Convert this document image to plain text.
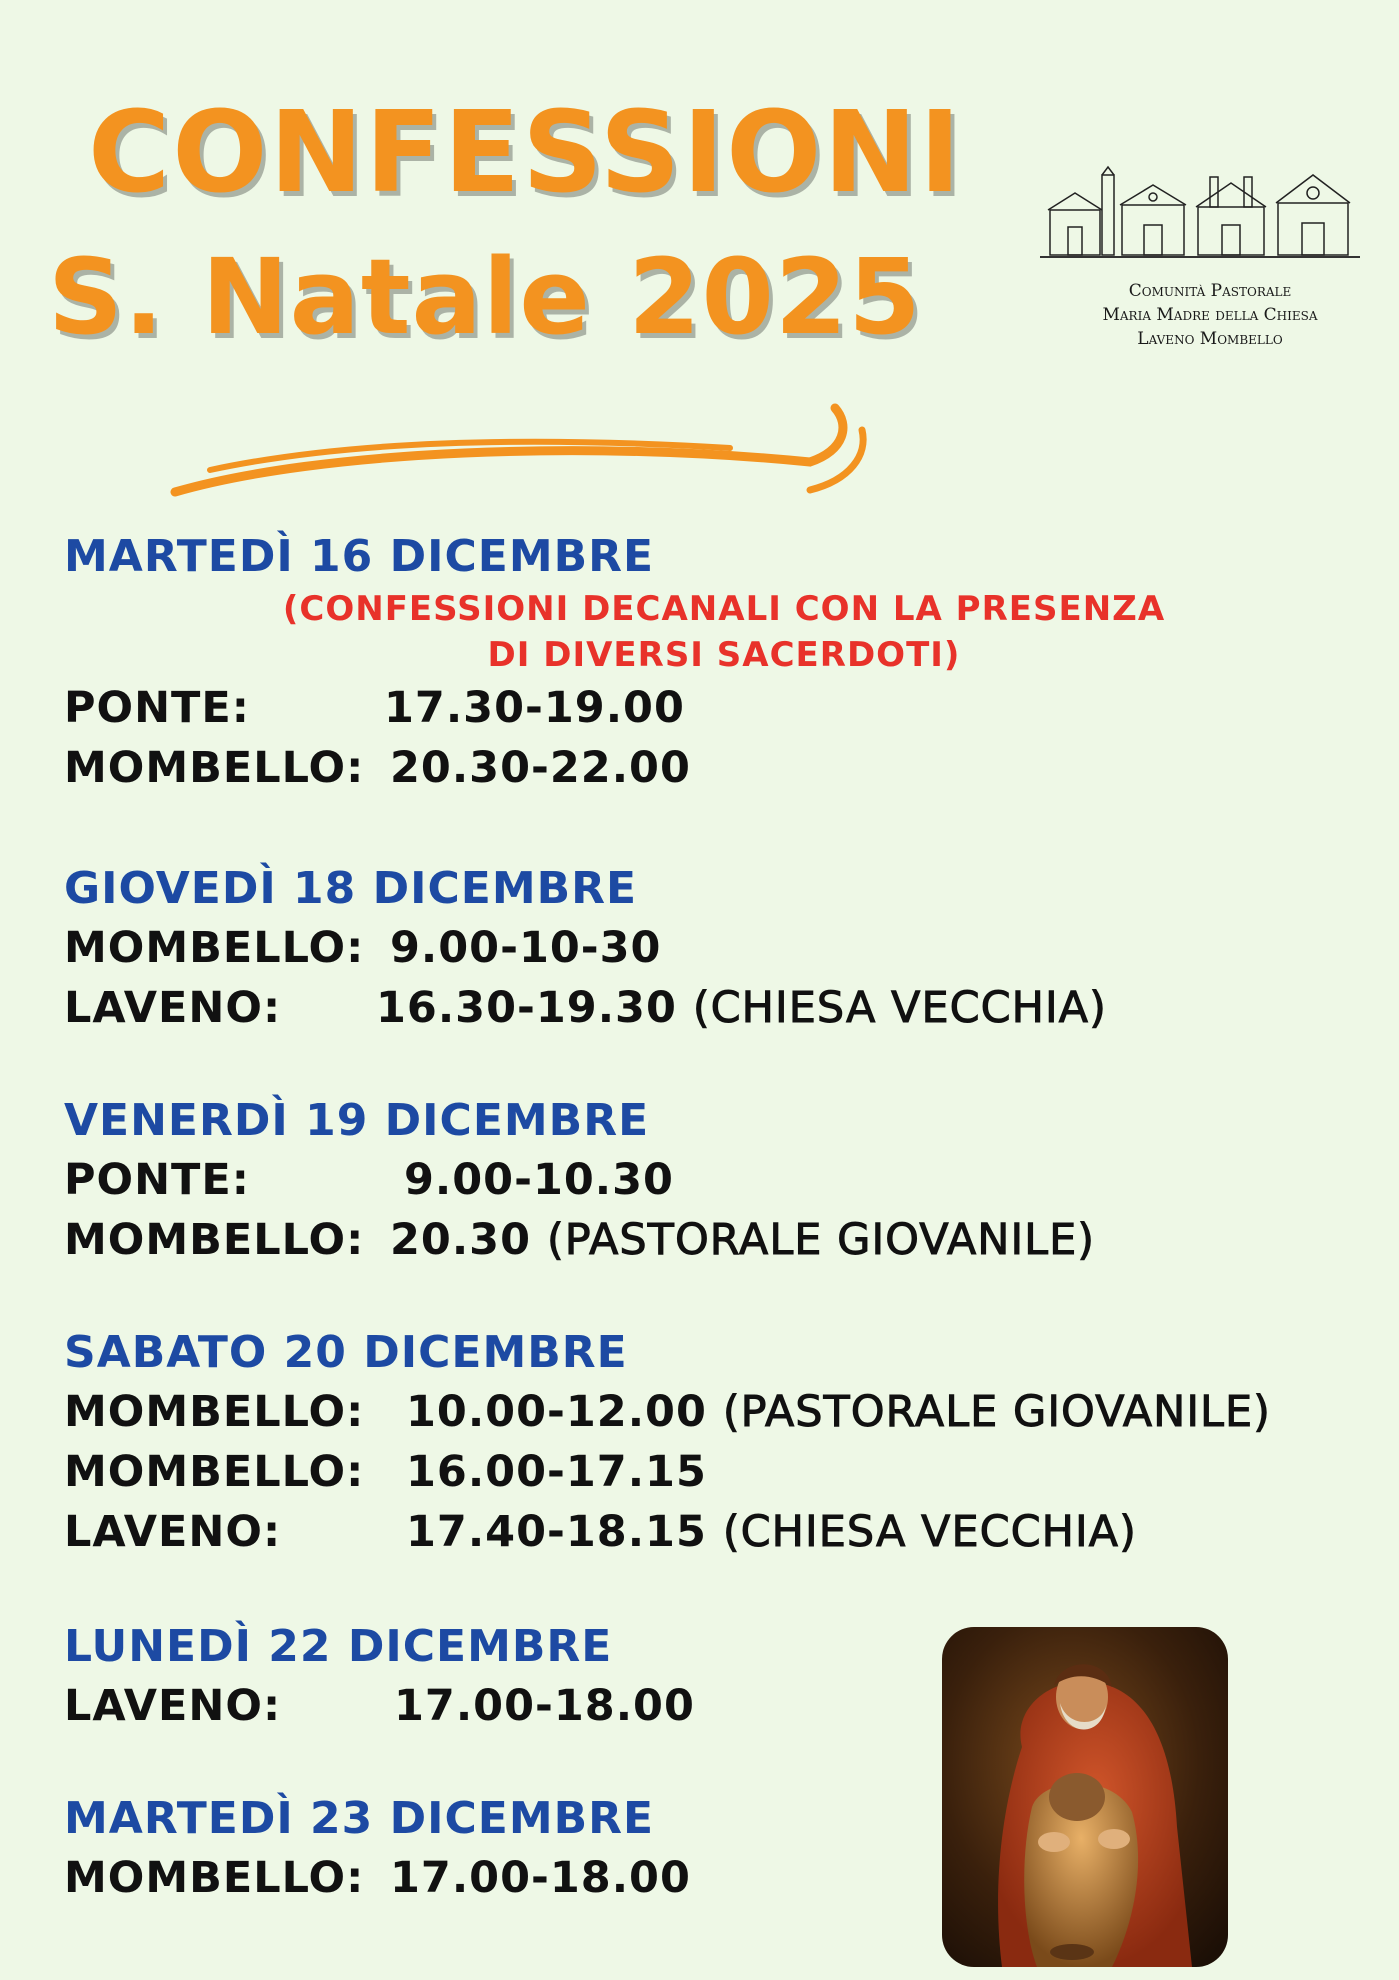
CONFESSIONI
S. Natale 2025	Comunità Pastorale
Maria Madre della Chiesa
Laveno Mombello
MARTEDÌ 16 DICEMBRE
(CONFESSIONI DECANALI CON LA PRESENZA
DI DIVERSI SACERDOTI)
PONTE:	17.30-19.00
MOMBELLO: 20.30-22.00
GIOVEDÌ 18 DICEMBRE
MOMBELLO: 9.00-10-30
LAVENO:	16.30-19.30 (CHIESA VECCHIA)
VENERDÌ 19 DICEMBRE
PONTE:	9.00-10.30
MOMBELLO: 20.30 (PASTORALE GIOVANILE)
SABATO 20 DICEMBRE
MOMBELLO: 10.00-12.00 (PASTORALE GIOVANILE)
MOMBELLO: 16.00-17.15
LAVENO:	17.40-18.15 (CHIESA VECCHIA)
LUNEDÌ 22 DICEMBRE
LAVENO:	17.00-18.00
MARTEDÌ 23 DICEMBRE
MOMBELLO: 17.00-18.00
